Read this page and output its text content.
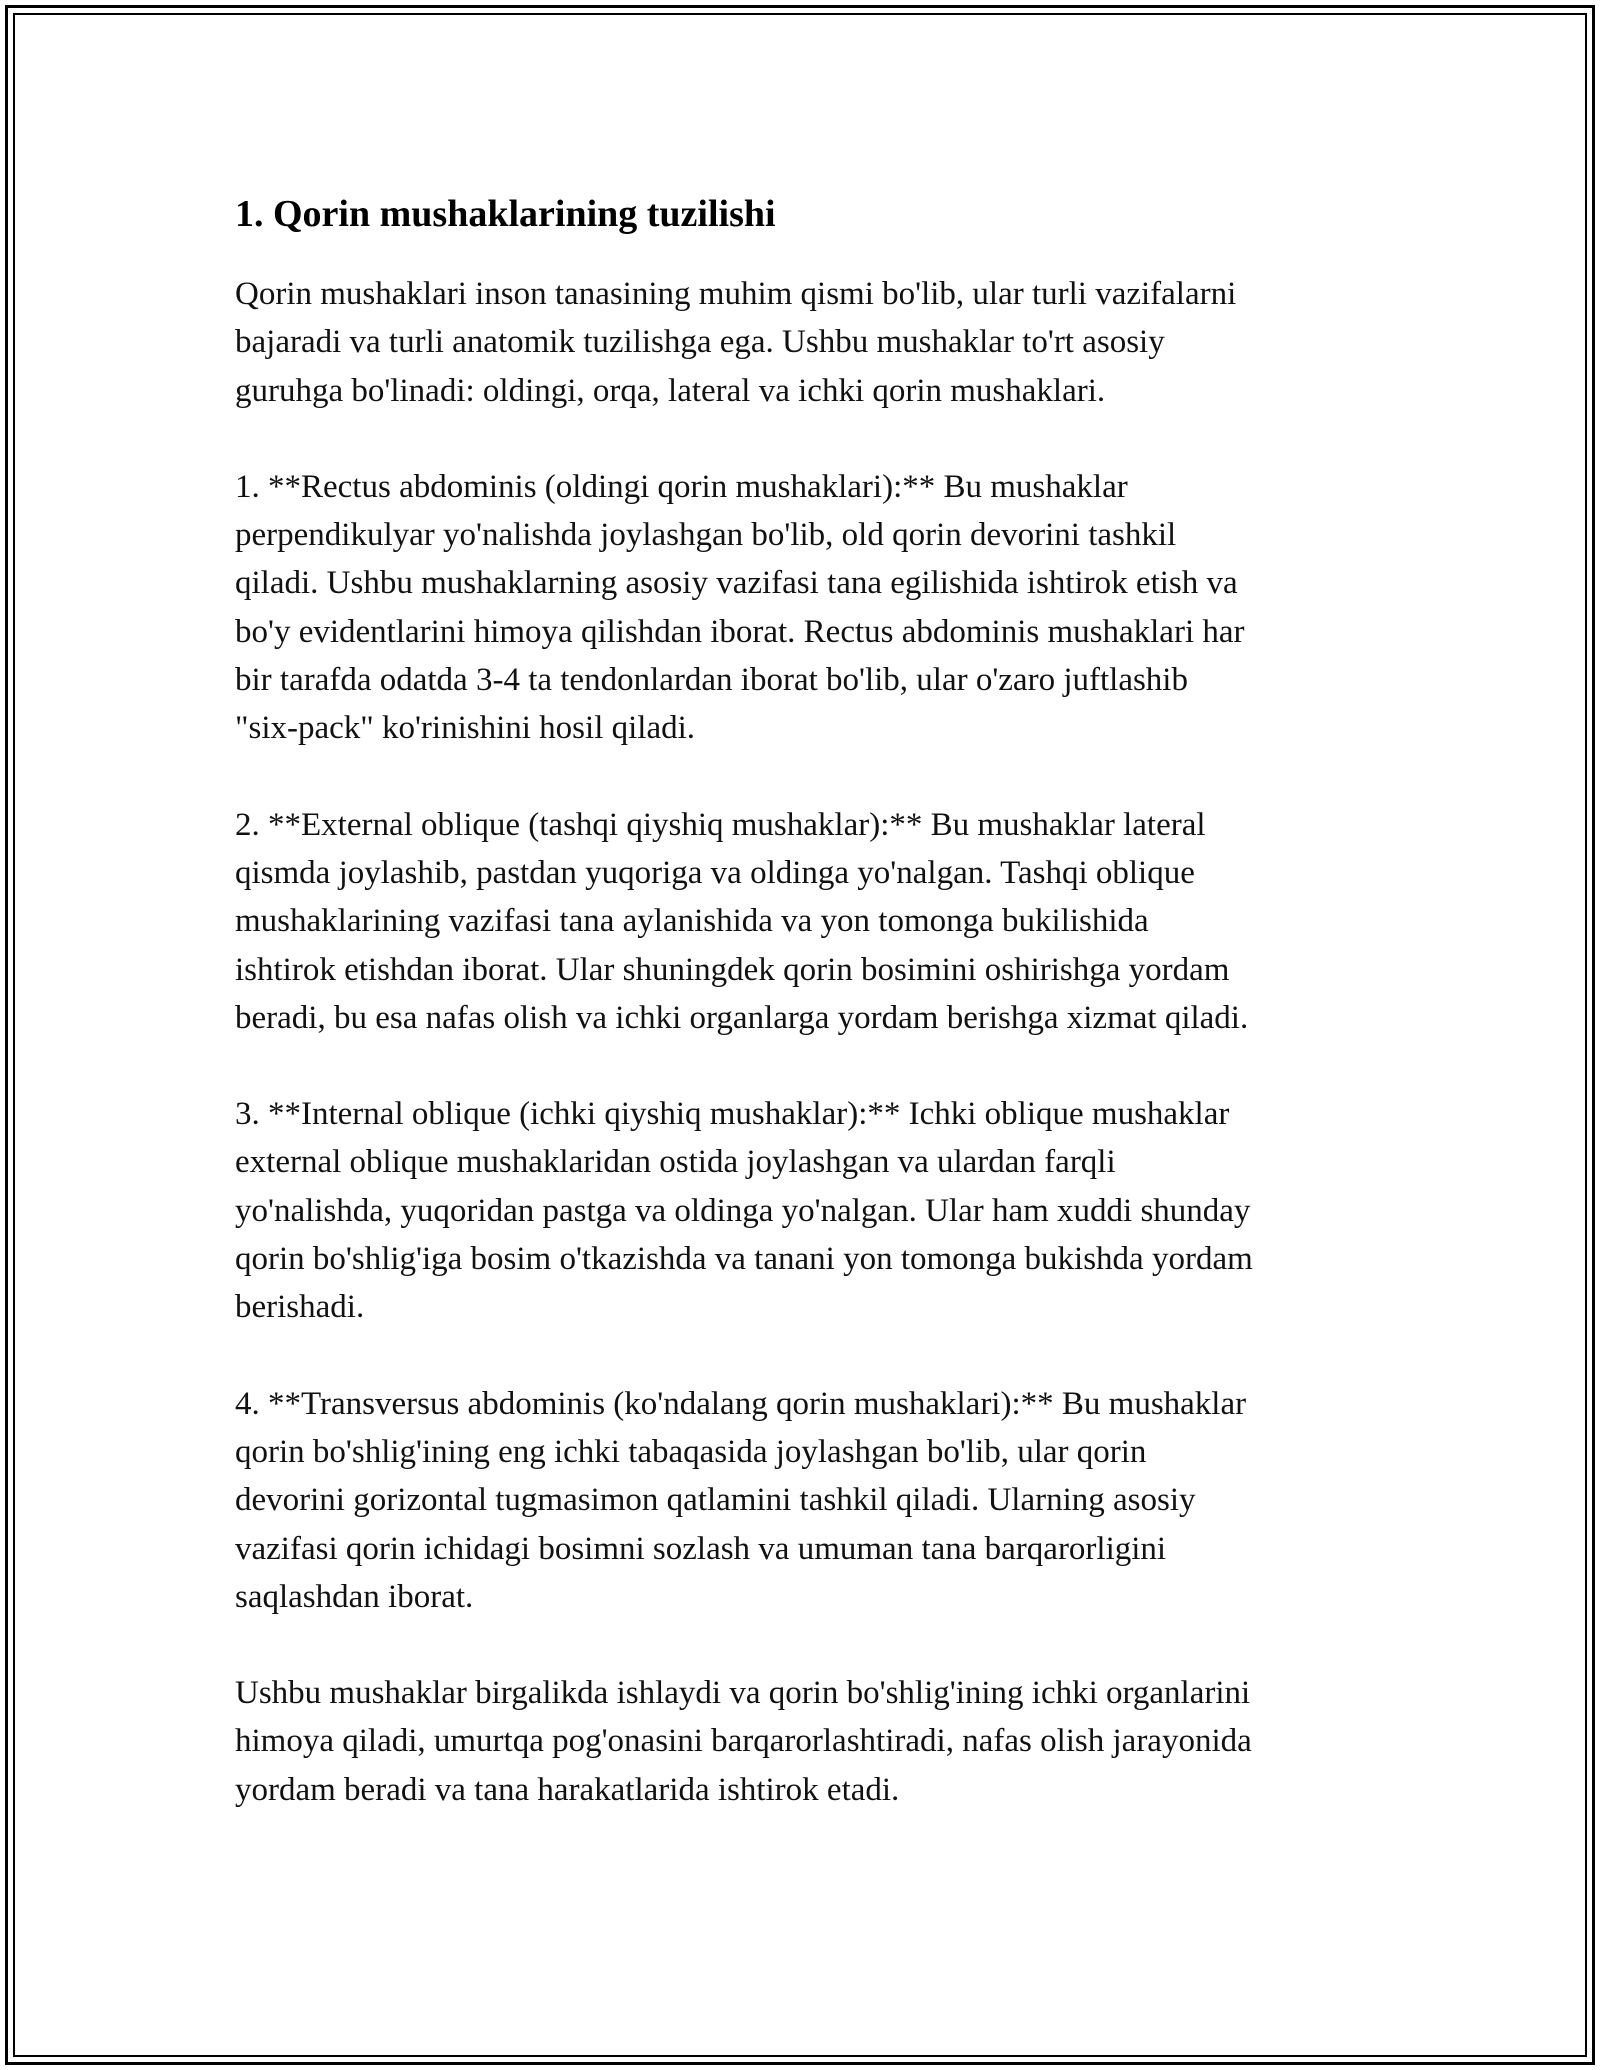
1. Qorin mushaklarining tuzilishi

Qorin mushaklari inson tanasining muhim qismi bo'lib, ular turli vazifalarni
bajaradi va turli anatomik tuzilishga ega. Ushbu mushaklar to'rt asosiy
guruhga bo'linadi: oldingi, orqa, lateral va ichki qorin mushaklari.

1. **Rectus abdominis (oldingi qorin mushaklari):** Bu mushaklar
perpendikulyar yo'nalishda joylashgan bo'lib, old qorin devorini tashkil
qiladi. Ushbu mushaklarning asosiy vazifasi tana egilishida ishtirok etish va
bo'y evidentlarini himoya qilishdan iborat. Rectus abdominis mushaklari har
bir tarafda odatda 3-4 ta tendonlardan iborat bo'lib, ular o'zaro juftlashib
"six-pack" ko'rinishini hosil qiladi.

2. **External oblique (tashqi qiyshiq mushaklar):** Bu mushaklar lateral
qismda joylashib, pastdan yuqoriga va oldinga yo'nalgan. Tashqi oblique
mushaklarining vazifasi tana aylanishida va yon tomonga bukilishida
ishtirok etishdan iborat. Ular shuningdek qorin bosimini oshirishga yordam
beradi, bu esa nafas olish va ichki organlarga yordam berishga xizmat qiladi.

3. **Internal oblique (ichki qiyshiq mushaklar):** Ichki oblique mushaklar
external oblique mushaklaridan ostida joylashgan va ulardan farqli
yo'nalishda, yuqoridan pastga va oldinga yo'nalgan. Ular ham xuddi shunday
qorin bo'shlig'iga bosim o'tkazishda va tanani yon tomonga bukishda yordam
berishadi.

4. **Transversus abdominis (ko'ndalang qorin mushaklari):** Bu mushaklar
qorin bo'shlig'ining eng ichki tabaqasida joylashgan bo'lib, ular qorin
devorini gorizontal tugmasimon qatlamini tashkil qiladi. Ularning asosiy
vazifasi qorin ichidagi bosimni sozlash va umuman tana barqarorligini
saqlashdan iborat.

Ushbu mushaklar birgalikda ishlaydi va qorin bo'shlig'ining ichki organlarini
himoya qiladi, umurtqa pog'onasini barqarorlashtiradi, nafas olish jarayonida
yordam beradi va tana harakatlarida ishtirok etadi.
